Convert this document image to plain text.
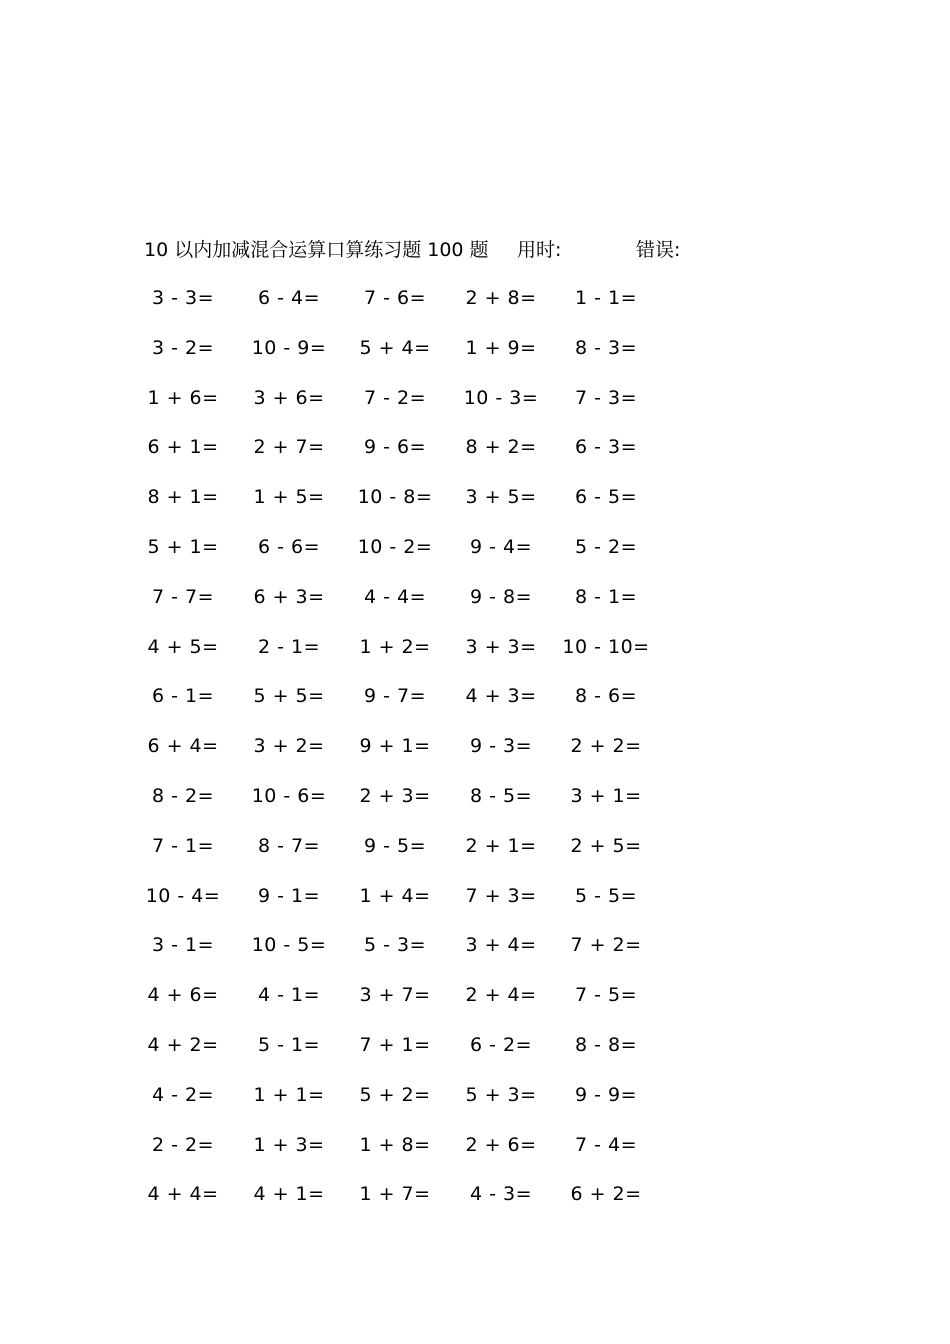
10 以内加减混合运算口算练习题 100 题 用时:	错误:
3 - 3=	6 - 4=	7 - 6=	2 + 8=	1 - 1=
3 - 2=	10 - 9=	5 + 4=	1 + 9=	8 - 3=
1 + 6=	3 + 6=	7 - 2=	10 - 3=	7 - 3=
6 + 1=	2 + 7=	9 - 6=	8 + 2=	6 - 3=
8 + 1=	1 + 5=	10 - 8=	3 + 5=	6 - 5=
5 + 1=	6 - 6=	10 - 2=	9 - 4=	5 - 2=
7 - 7=	6 + 3=	4 - 4=	9 - 8=	8 - 1=
4 + 5=	2 - 1=	1 + 2=	3 + 3=	10 - 10=
6 - 1=	5 + 5=	9 - 7=	4 + 3=	8 - 6=
6 + 4=	3 + 2=	9 + 1=	9 - 3=	2 + 2=
8 - 2=	10 - 6=	2 + 3=	8 - 5=	3 + 1=
7 - 1=	8 - 7=	9 - 5=	2 + 1=	2 + 5=
10 - 4=	9 - 1=	1 + 4=	7 + 3=	5 - 5=
3 - 1=	10 - 5=	5 - 3=	3 + 4=	7 + 2=
4 + 6=	4 - 1=	3 + 7=	2 + 4=	7 - 5=
4 + 2=	5 - 1=	7 + 1=	6 - 2=	8 - 8=
4 - 2=	1 + 1=	5 + 2=	5 + 3=	9 - 9=
2 - 2=	1 + 3=	1 + 8=	2 + 6=	7 - 4=
4 + 4=	4 + 1=	1 + 7=	4 - 3=	6 + 2=
